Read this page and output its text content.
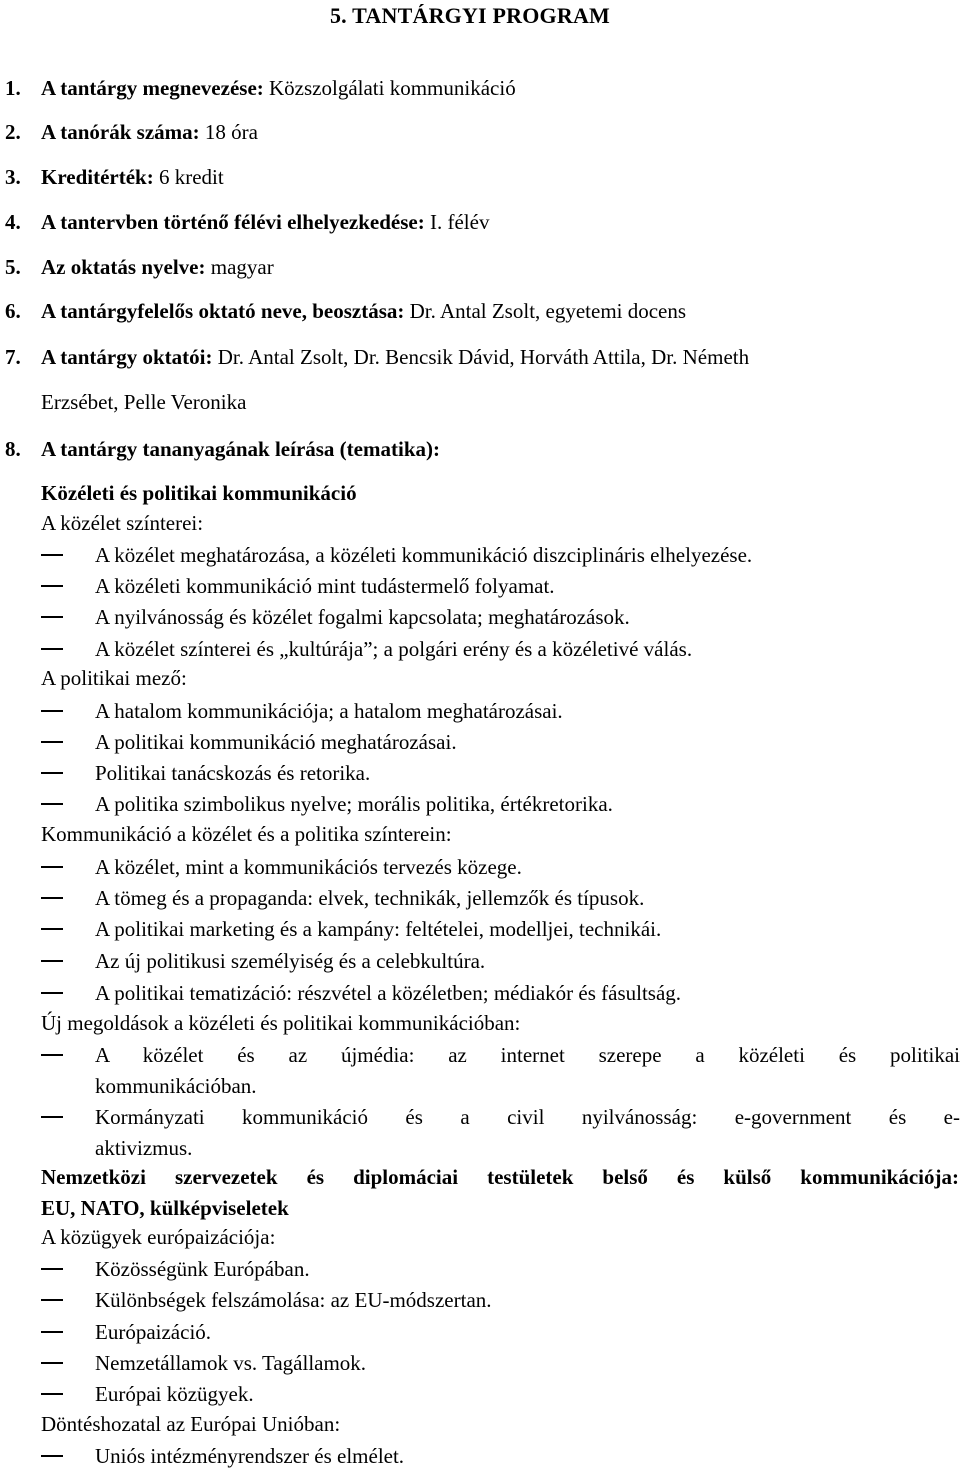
5. TANTÁRGYI PROGRAM
1. A tantárgy megnevezése: Közszolgálati kommunikáció
2. A tanórák száma: 18 óra
3. Kreditérték: 6 kredit
4. A tantervben történő félévi elhelyezkedése: I. félév
5. Az oktatás nyelve: magyar
6. A tantárgyfelelős oktató neve, beosztása: Dr. Antal Zsolt, egyetemi docens
7. A tantárgy oktatói: Dr. Antal Zsolt, Dr. Bencsik Dávid, Horváth Attila, Dr. Németh
Erzsébet, Pelle Veronika
8. A tantárgy tananyagának leírása (tematika):
Közéleti és politikai kommunikáció
A közélet színterei:
A közélet meghatározása, a közéleti kommunikáció diszciplináris elhelyezése.
A közéleti kommunikáció mint tudástermelő folyamat.
A nyilvánosság és közélet fogalmi kapcsolata; meghatározások.
A közélet színterei és „kultúrája”; a polgári erény és a közéletivé válás.
A politikai mező:
A hatalom kommunikációja; a hatalom meghatározásai.
A politikai kommunikáció meghatározásai.
Politikai tanácskozás és retorika.
A politika szimbolikus nyelve; morális politika, értékretorika.
Kommunikáció a közélet és a politika színterein:
A közélet, mint a kommunikációs tervezés közege.
A tömeg és a propaganda: elvek, technikák, jellemzők és típusok.
A politikai marketing és a kampány: feltételei, modelljei, technikái.
Az új politikusi személyiség és a celebkultúra.
A politikai tematizáció: részvétel a közéletben; médiakór és fásultság.
Új megoldások a közéleti és politikai kommunikációban:
A közélet és az újmédia: az internet szerepe a közéleti és politikai
kommunikációban.
Kormányzati kommunikáció és a civil nyilvánosság: e-government és e-
aktivizmus.
Nemzetközi szervezetek és diplomáciai testületek belső és külső kommunikációja:
EU, NATO, külképviseletek
A közügyek európaizációja:
Közösségünk Európában.
Különbségek felszámolása: az EU-módszertan.
Európaizáció.
Nemzetállamok vs. Tagállamok.
Európai közügyek.
Döntéshozatal az Európai Unióban:
Uniós intézményrendszer és elmélet.
